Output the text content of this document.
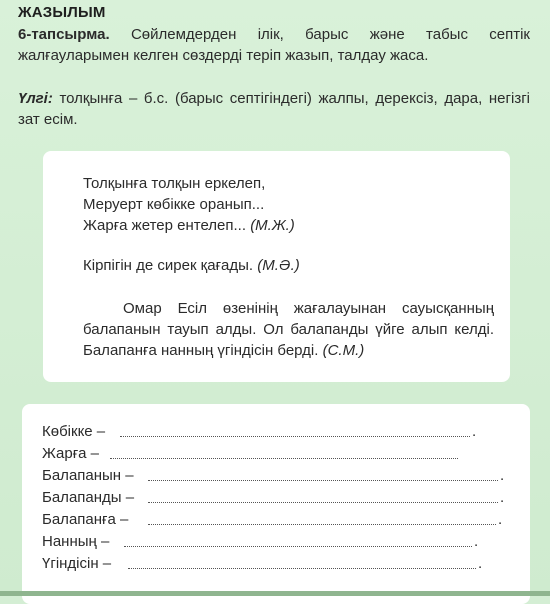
ЖАЗЫЛЫМ
6-тапсырма. Сөйлемдерден ілік, барыс және табыс септік жалғауларымен келген сөздерді теріп жазып, талдау жаса.
Үлгі: толқынға – б.с. (барыс септігіндегі) жалпы, дерексіз, дара, негізгі зат есім.
Толқынға толқын еркелеп,
Меруерт көбікке оранып...
Жарға жетер ентелеп... (М.Ж.)
Кірпігін де сирек қағады. (М.Ә.)
Омар Есіл өзенінің жағалауынан сауысқанның балапанын тауып алды. Ол балапанды үйге алып келді. Балапанға нанның үгіндісін берді. (С.М.)
Көбікке –	.
Жарға –
Балапанын –	.
Балапанды –	.
Балапанға –	.
Нанның –	.
Үгіндісін –	.
